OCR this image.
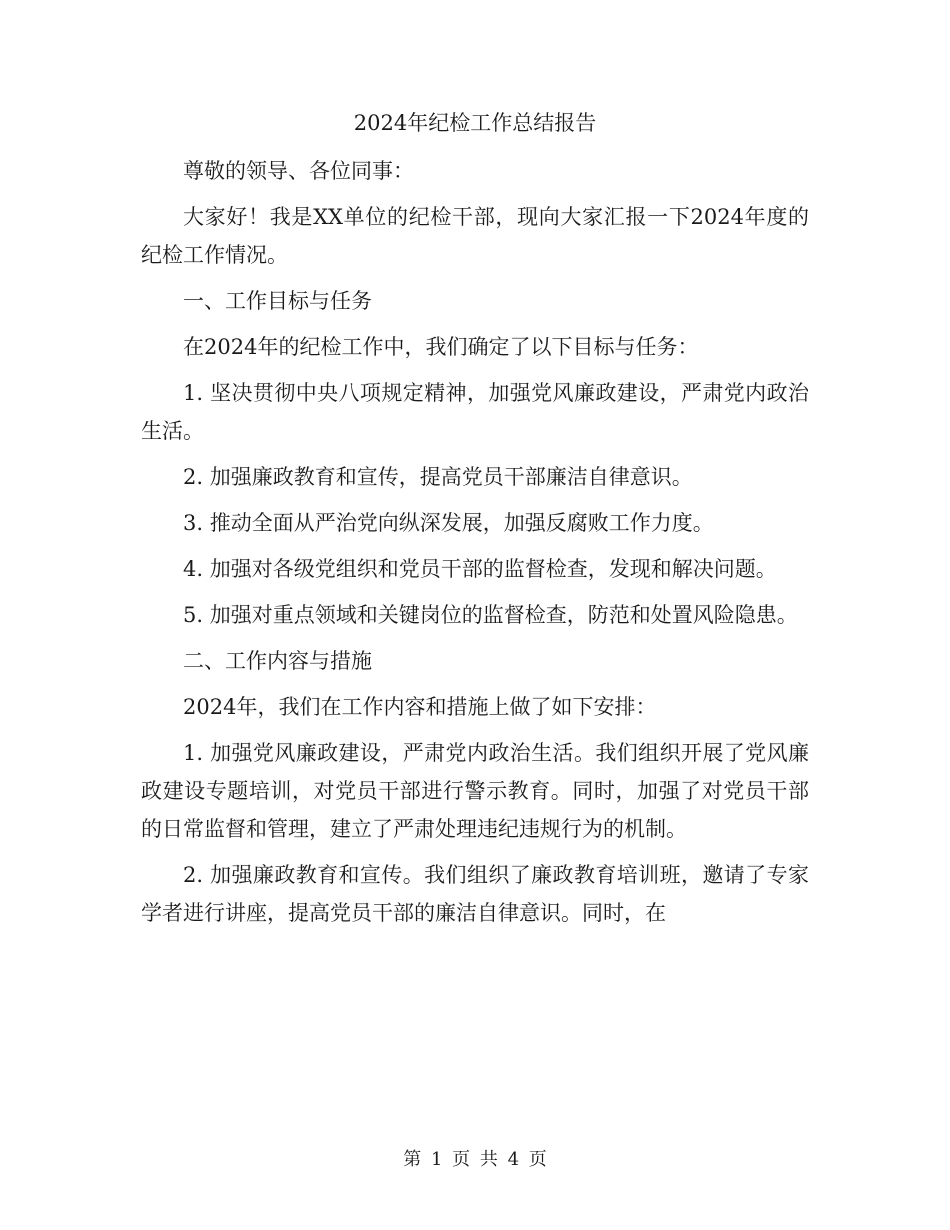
2024年纪检工作总结报告

尊敬的领导、各位同事：

大家好！我是XX单位的纪检干部，现向大家汇报一下2024年度的纪检工作情况。

一、工作目标与任务

在2024年的纪检工作中，我们确定了以下目标与任务：

1. 坚决贯彻中央八项规定精神，加强党风廉政建设，严肃党内政治生活。

2. 加强廉政教育和宣传，提高党员干部廉洁自律意识。

3. 推动全面从严治党向纵深发展，加强反腐败工作力度。

4. 加强对各级党组织和党员干部的监督检查，发现和解决问题。

5. 加强对重点领域和关键岗位的监督检查，防范和处置风险隐患。

二、工作内容与措施

2024年，我们在工作内容和措施上做了如下安排：

1. 加强党风廉政建设，严肃党内政治生活。我们组织开展了党风廉政建设专题培训，对党员干部进行警示教育。同时，加强了对党员干部的日常监督和管理，建立了严肃处理违纪违规行为的机制。

2. 加强廉政教育和宣传。我们组织了廉政教育培训班，邀请了专家学者进行讲座，提高党员干部的廉洁自律意识。同时，在

第 1 页 共 4 页
